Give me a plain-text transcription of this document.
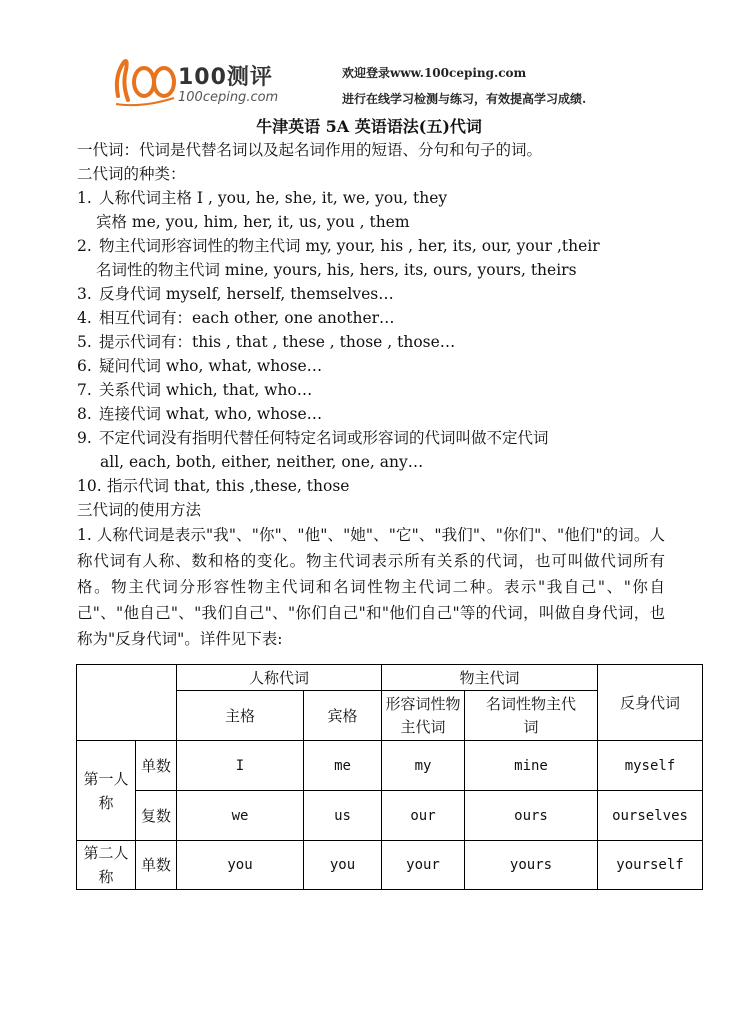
100测评
100ceping.com
欢迎登录www.100ceping.com
进行在线学习检测与练习，有效提高学习成绩.
牛津英语 5A 英语语法(五)代词
一代词：代词是代替名词以及起名词作用的短语、分句和句子的词。
二代词的种类：
1. 人称代词主格 I , you, he, she, it, we, you, they
宾格 me, you, him, her, it, us, you , them
2. 物主代词形容词性的物主代词 my, your, his , her, its, our, your ,their
名词性的物主代词 mine, yours, his, hers, its, ours, yours, theirs
3. 反身代词 myself, herself, themselves…
4. 相互代词有：each other, one another…
5. 提示代词有：this , that , these , those , those…
6. 疑问代词 who, what, whose…
7. 关系代词 which, that, who…
8. 连接代词 what, who, whose…
9. 不定代词没有指明代替任何特定名词或形容词的代词叫做不定代词
all, each, both, either, neither, one, any…
10. 指示代词 that, this ,these, those
三代词的使用方法
1. 人称代词是表示"我"、"你"、"他"、"她"、"它"、"我们"、"你们"、"他们"的词。人称代词有人称、数和格的变化。物主代词表示所有关系的代词，也可叫做代词所有格。物主代词分形容性物主代词和名词性物主代词二种。表示"我自己"、"你自己"、"他自己"、"我们自己"、"你们自己"和"他们自己"等的代词，叫做自身代词，也称为"反身代词"。详件见下表:
		人称代词		物主代词		反身代词
		主格	宾格	形容词性物主代词	名词性物主代词	
第一人称	单数	I	me	my	mine	myself
	复数	we	us	our	ours	ourselves
第二人称	单数	you	you	your	yours	yourself
